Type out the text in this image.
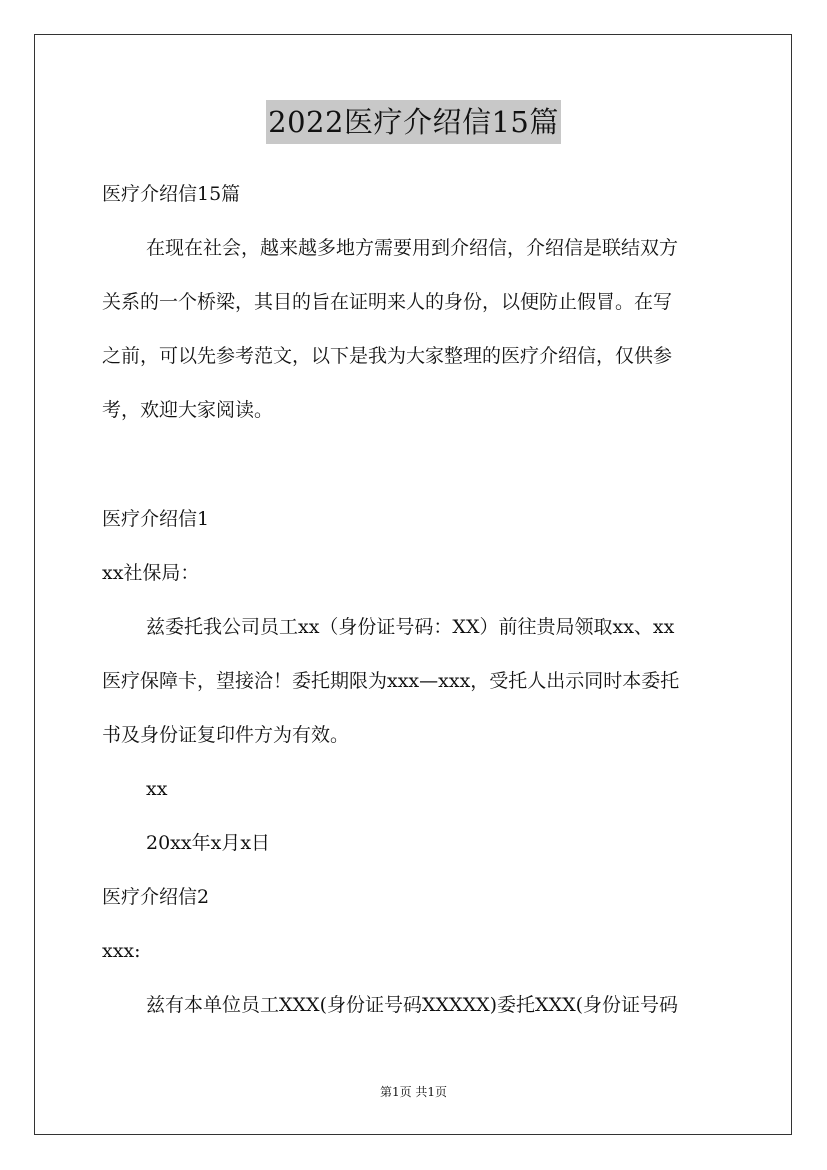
2022医疗介绍信15篇
医疗介绍信15篇
在现在社会，越来越多地方需要用到介绍信，介绍信是联结双方
关系的一个桥梁，其目的旨在证明来人的身份，以便防止假冒。在写
之前，可以先参考范文，以下是我为大家整理的医疗介绍信，仅供参
考，欢迎大家阅读。
医疗介绍信1
xx社保局：
兹委托我公司员工xx（身份证号码：XX）前往贵局领取xx、xx
医疗保障卡，望接洽！委托期限为xxx—xxx，受托人出示同时本委托
书及身份证复印件方为有效。
xx
20xx年x月x日
医疗介绍信2
xxx:
兹有本单位员工XXX(身份证号码XXXXX)委托XXX(身份证号码
第1页 共1页
